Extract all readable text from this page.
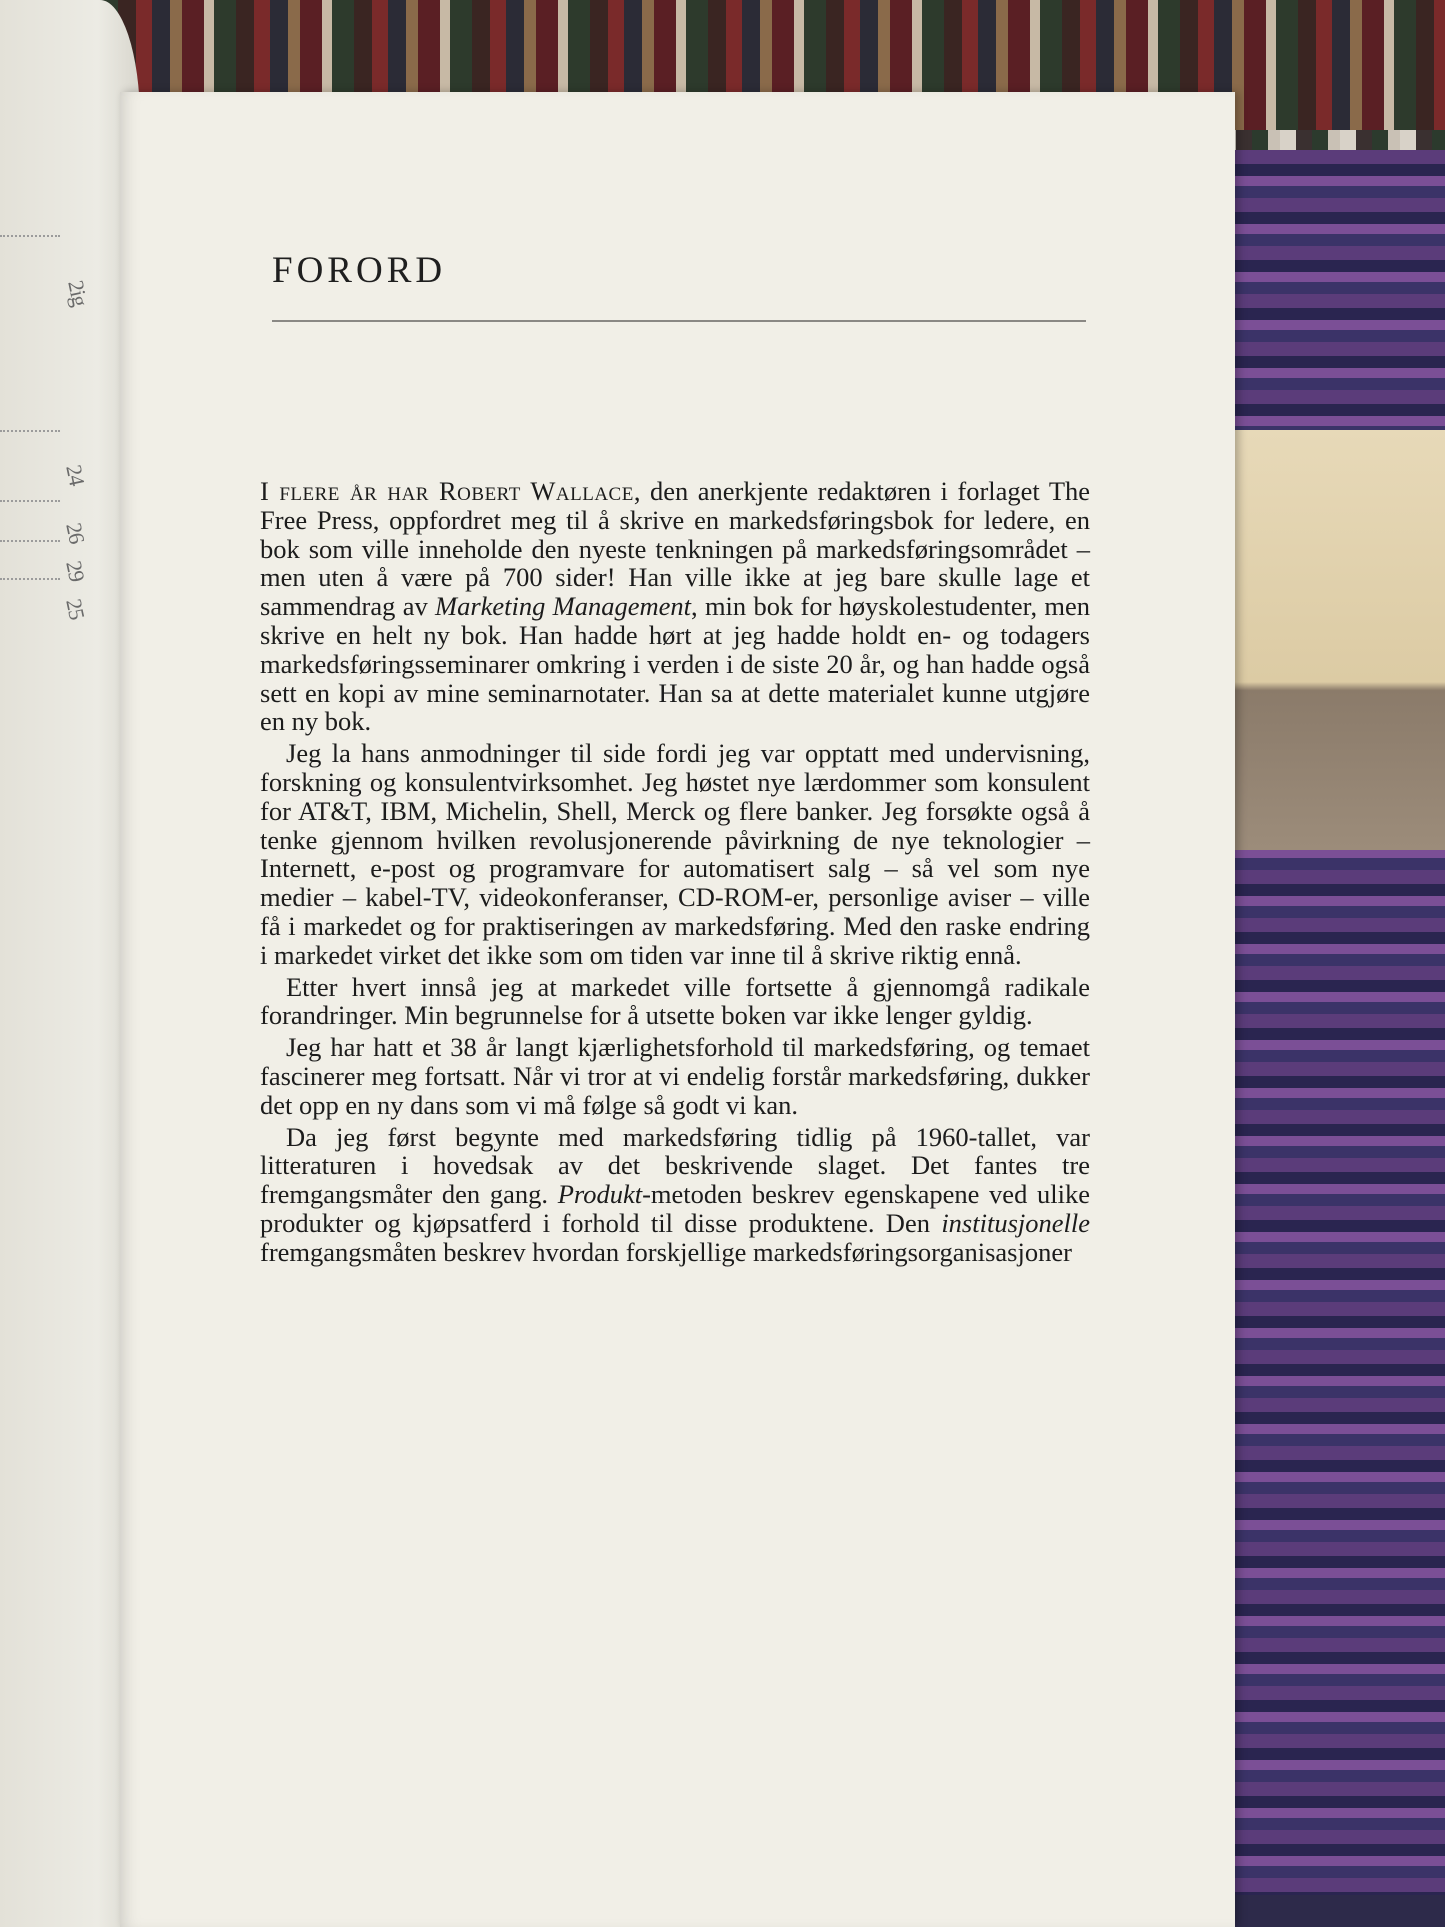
2ig
24
26
29
25
FORORD

I flere år har Robert Wallace, den anerkjente redaktøren i forlaget The Free Press, oppfordret meg til å skrive en markedsføringsbok for ledere, en bok som ville inneholde den nyeste tenkningen på markedsføringsområdet – men uten å være på 700 sider! Han ville ikke at jeg bare skulle lage et sammendrag av Marketing Management, min bok for høyskolestudenter, men skrive en helt ny bok. Han hadde hørt at jeg hadde holdt en- og todagers markedsføringsseminarer omkring i verden i de siste 20 år, og han hadde også sett en kopi av mine seminarnotater. Han sa at dette materialet kunne utgjøre en ny bok.

Jeg la hans anmodninger til side fordi jeg var opptatt med undervisning, forskning og konsulentvirksomhet. Jeg høstet nye lærdommer som konsulent for AT&T, IBM, Michelin, Shell, Merck og flere banker. Jeg forsøkte også å tenke gjennom hvilken revolusjonerende påvirkning de nye teknologier – Internett, e-post og programvare for automatisert salg – så vel som nye medier – kabel-TV, videokonferanser, CD-ROM-er, personlige aviser – ville få i markedet og for praktiseringen av markedsføring. Med den raske endring i markedet virket det ikke som om tiden var inne til å skrive riktig ennå.

Etter hvert innså jeg at markedet ville fortsette å gjennomgå radikale forandringer. Min begrunnelse for å utsette boken var ikke lenger gyldig.

Jeg har hatt et 38 år langt kjærlighetsforhold til markedsføring, og temaet fascinerer meg fortsatt. Når vi tror at vi endelig forstår markedsføring, dukker det opp en ny dans som vi må følge så godt vi kan.

Da jeg først begynte med markedsføring tidlig på 1960-tallet, var litteraturen i hovedsak av det beskrivende slaget. Det fantes tre fremgangsmåter den gang. Produkt-metoden beskrev egenskapene ved ulike produkter og kjøpsatferd i forhold til disse produktene. Den institusjonelle fremgangsmåten beskrev hvordan forskjellige markedsføringsorganisasjoner
